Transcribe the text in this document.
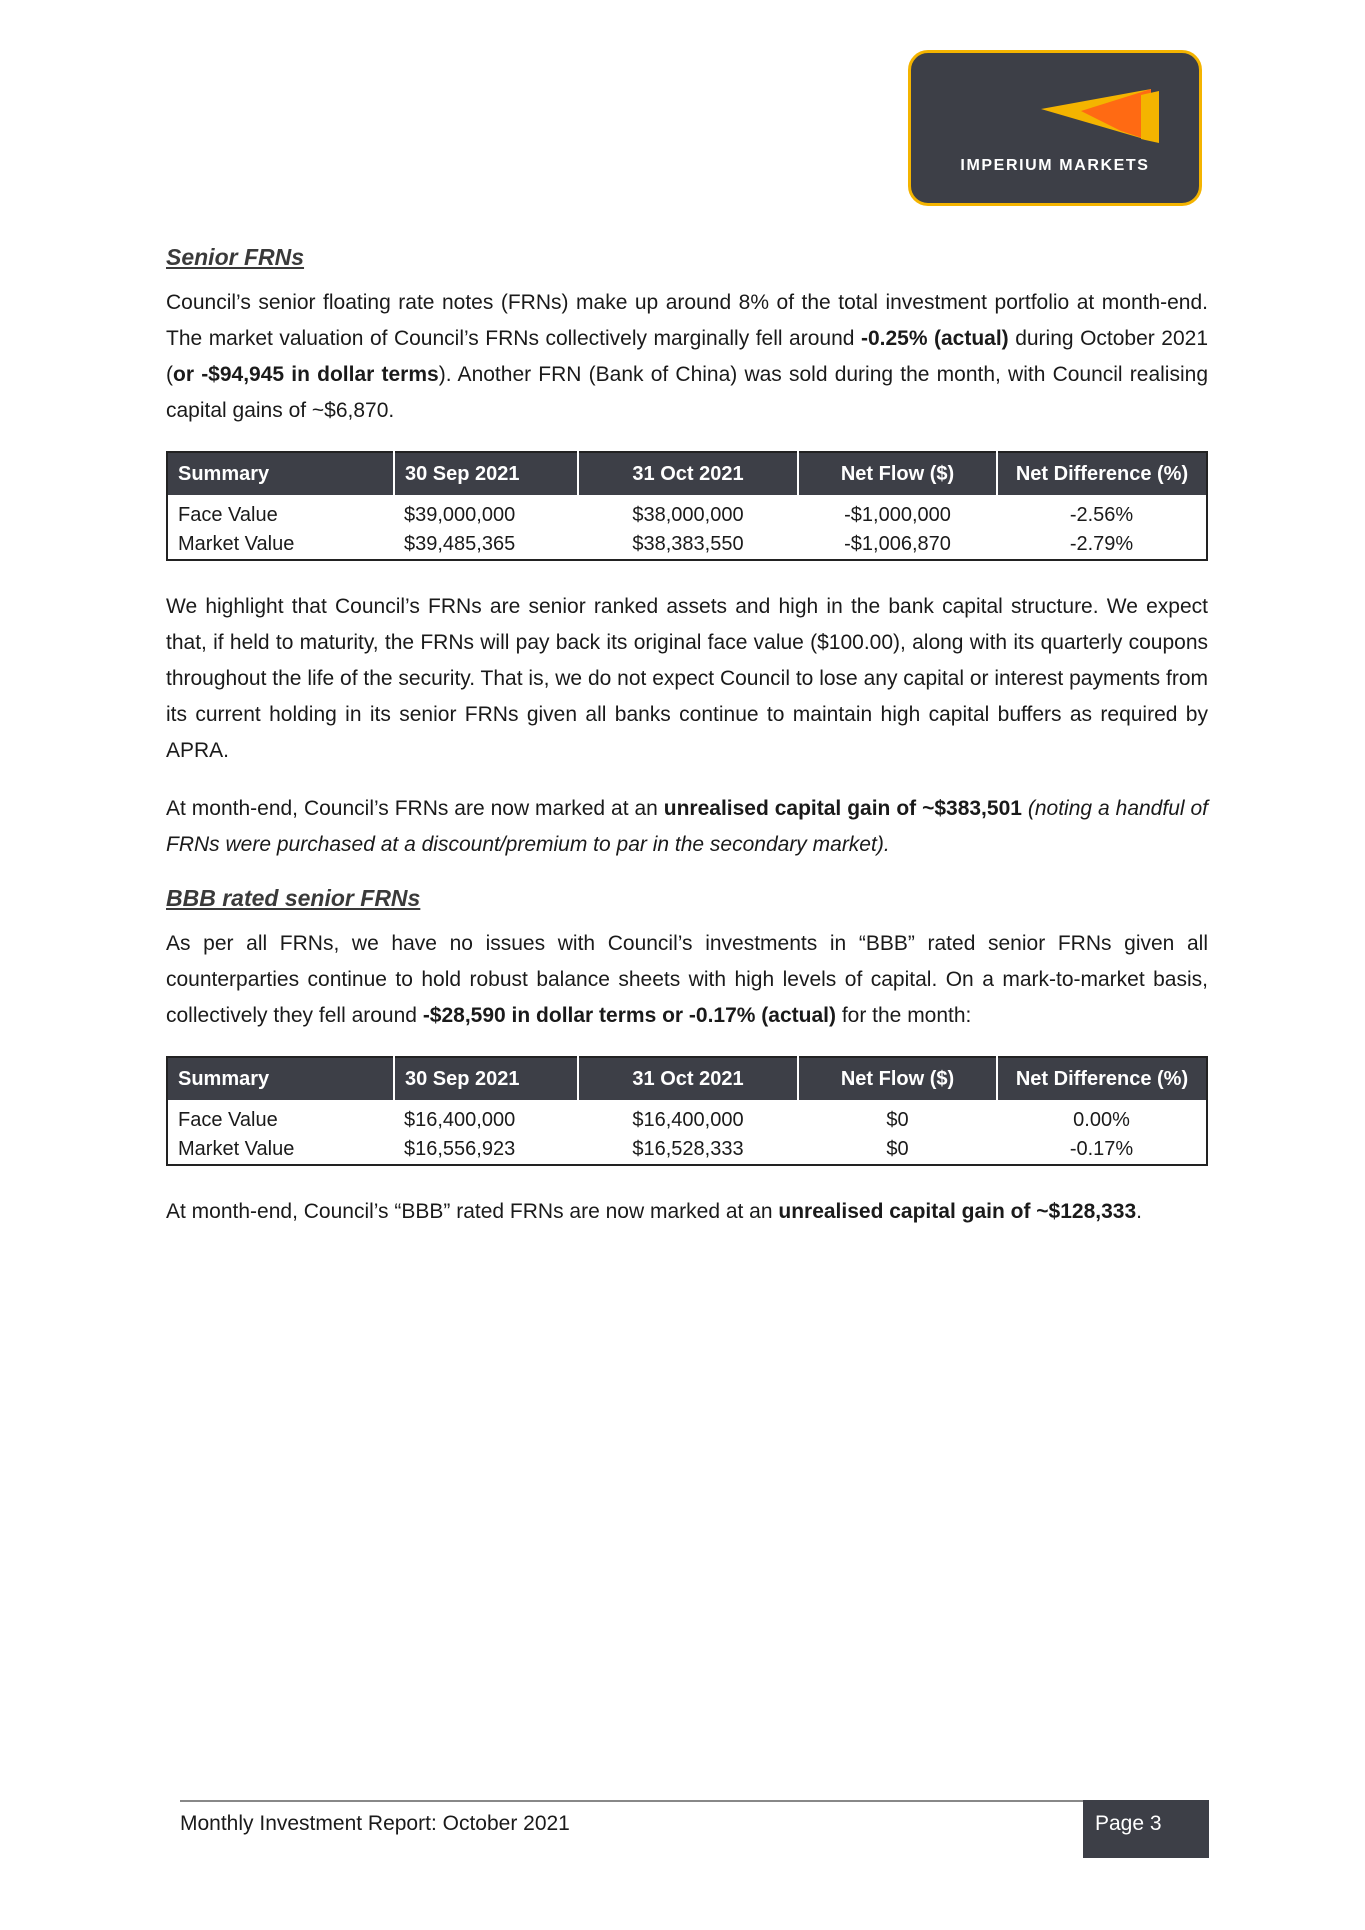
IMPERIUM MARKETS
Senior FRNs

Council’s senior floating rate notes (FRNs) make up around 8% of the total investment portfolio at month-end. The market valuation of Council’s FRNs collectively marginally fell around -0.25% (actual) during October 2021 (or -$94,945 in dollar terms). Another FRN (Bank of China) was sold during the month, with Council realising capital gains of ~$6,870.

Summary	30 Sep 2021	31 Oct 2021	Net Flow ($)	Net Difference (%)
Face Value	$39,000,000	$38,000,000	-$1,000,000	-2.56%
Market Value	$39,485,365	$38,383,550	-$1,006,870	-2.79%

We highlight that Council’s FRNs are senior ranked assets and high in the bank capital structure. We expect that, if held to maturity, the FRNs will pay back its original face value ($100.00), along with its quarterly coupons throughout the life of the security. That is, we do not expect Council to lose any capital or interest payments from its current holding in its senior FRNs given all banks continue to maintain high capital buffers as required by APRA.

At month-end, Council’s FRNs are now marked at an unrealised capital gain of ~$383,501 (noting a handful of FRNs were purchased at a discount/premium to par in the secondary market).

BBB rated senior FRNs

As per all FRNs, we have no issues with Council’s investments in “BBB” rated senior FRNs given all counterparties continue to hold robust balance sheets with high levels of capital. On a mark-to-market basis, collectively they fell around -$28,590 in dollar terms or -0.17% (actual) for the month:

Summary	30 Sep 2021	31 Oct 2021	Net Flow ($)	Net Difference (%)
Face Value	$16,400,000	$16,400,000	$0	0.00%
Market Value	$16,556,923	$16,528,333	$0	-0.17%

At month-end, Council’s “BBB” rated FRNs are now marked at an unrealised capital gain of ~$128,333.

Monthly Investment Report: October 2021	Page 3
